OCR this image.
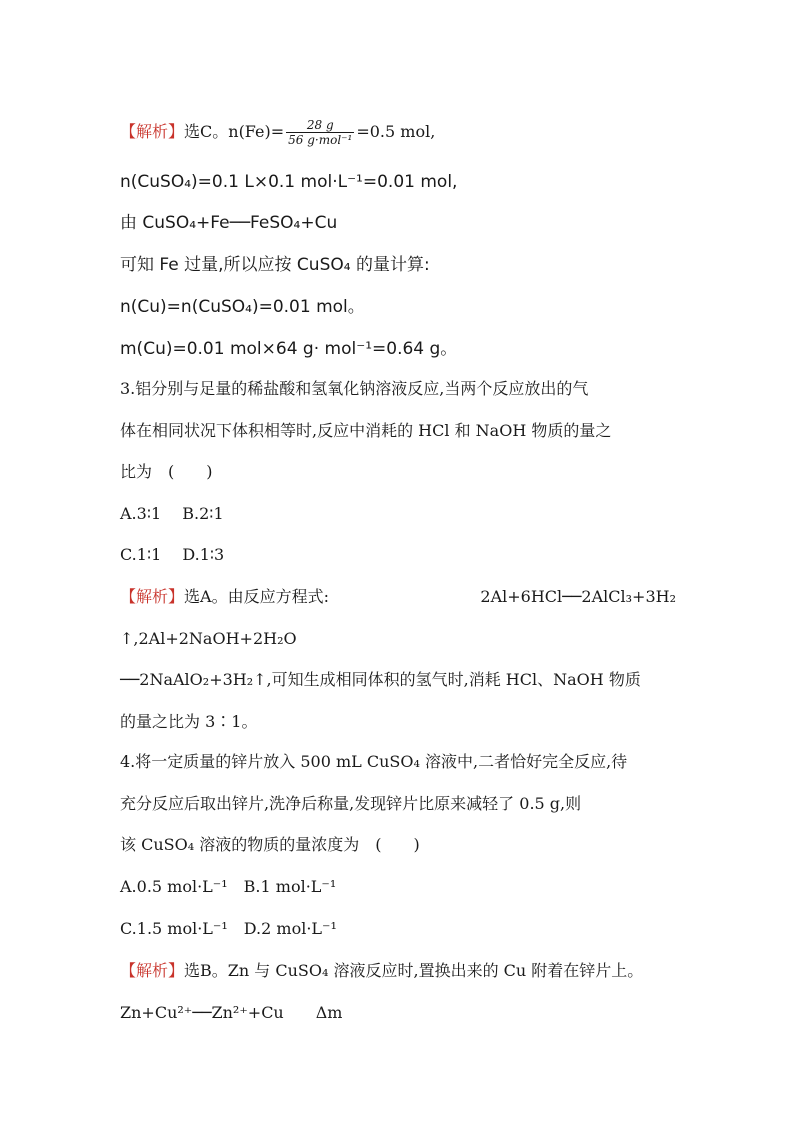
【解析】选C。$n(Fe)= \frac{28 g}{\text{56 g·mol⁻¹}} =0.5$ mol,
n(CuSO₄)=0.1 L×0.1 mol·L⁻¹=0.01 mol,
由 CuSO₄+Fe──FeSO₄+Cu
可知 Fe 过量,所以应按 CuSO₄ 的量计算:
n(Cu)=n(CuSO₄)=0.01 mol。
m(Cu)=0.01 mol×64 g· mol⁻¹=0.64 g。
3.铝分别与足量的稀盐酸和氢氧化钠溶液反应,当两个反应放出的气
体在相同状况下体积相等时,反应中消耗的 HCl 和 NaOH 物质的量之
比为　(　　)
A.3∶1　 B.2∶1
C.1∶1　 D.1∶3
【解析】选A。由反应方程式:	2Al+6HCl──2AlCl₃+3H₂
↑,2Al+2NaOH+2H₂O
──2NaAlO₂+3H₂↑,可知生成相同体积的氢气时,消耗 HCl、NaOH 物质
的量之比为 3∶1。
4.将一定质量的锌片放入 500 mL CuSO₄ 溶液中,二者恰好完全反应,待
充分反应后取出锌片,洗净后称量,发现锌片比原来减轻了 0.5 g,则
该 CuSO₄ 溶液的物质的量浓度为　(　　)
A.0.5 mol·L⁻¹　B.1 mol·L⁻¹
C.1.5 mol·L⁻¹　D.2 mol·L⁻¹
【解析】选B。Zn 与 CuSO₄ 溶液反应时,置换出来的 Cu 附着在锌片上。
Zn+Cu²⁺──Zn²⁺+Cu　　Δm
